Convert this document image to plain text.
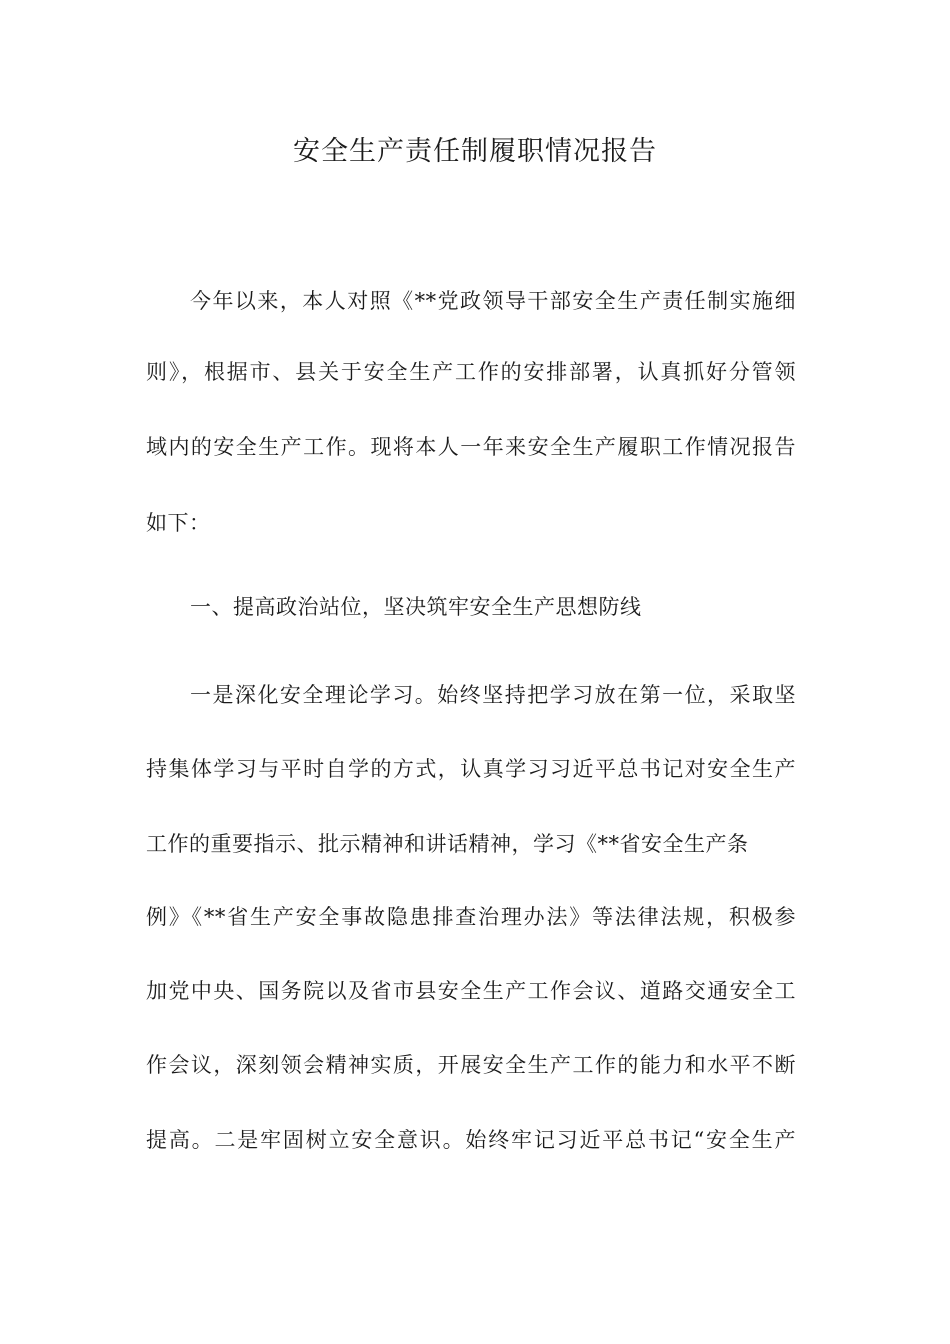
安全生产责任制履职情况报告
今年以来，本人对照《**党政领导干部安全生产责任制实施细
则》，根据市、县关于安全生产工作的安排部署，认真抓好分管领
域内的安全生产工作。现将本人一年来安全生产履职工作情况报告
如下：
一、提高政治站位，坚决筑牢安全生产思想防线
一是深化安全理论学习。始终坚持把学习放在第一位，采取坚
持集体学习与平时自学的方式，认真学习习近平总书记对安全生产
工作的重要指示、批示精神和讲话精神，学习《**省安全生产条
例》《**省生产安全事故隐患排查治理办法》等法律法规，积极参
加党中央、国务院以及省市县安全生产工作会议、道路交通安全工
作会议，深刻领会精神实质，开展安全生产工作的能力和水平不断
提高。二是牢固树立安全意识。始终牢记习近平总书记“安全生产
